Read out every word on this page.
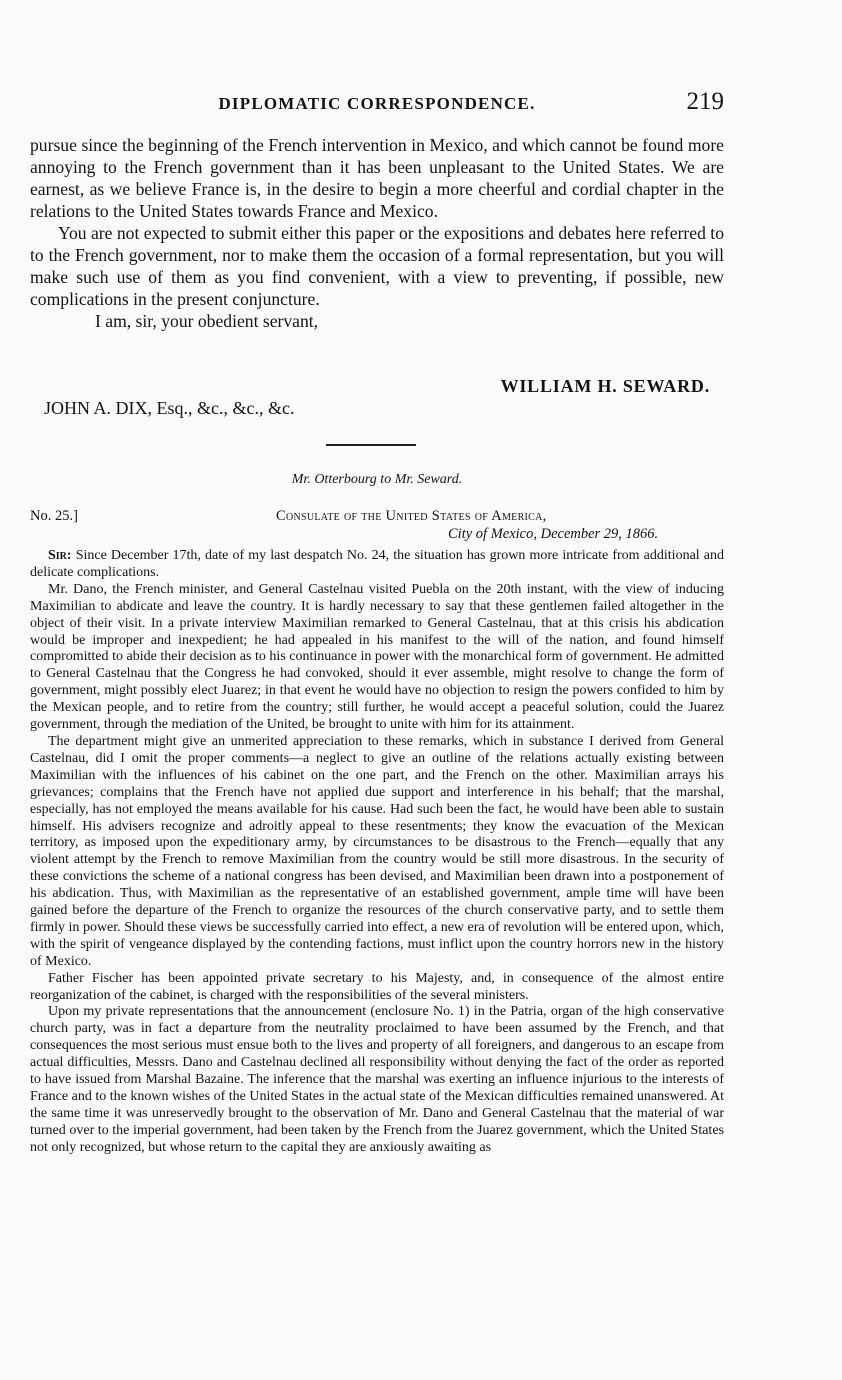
DIPLOMATIC CORRESPONDENCE.	219

pursue since the beginning of the French intervention in Mexico, and which cannot be found more annoying to the French government than it has been unpleasant to the United States. We are earnest, as we believe France is, in the desire to begin a more cheerful and cordial chapter in the relations to the United States towards France and Mexico.

You are not expected to submit either this paper or the expositions and debates here referred to to the French government, nor to make them the occasion of a formal representation, but you will make such use of them as you find convenient, with a view to preventing, if possible, new complications in the present conjuncture.

I am, sir, your obedient servant,

WILLIAM H. SEWARD.
JOHN A. DIX, Esq., &c., &c., &c.
Mr. Otterbourg to Mr. Seward.
No. 25.]	Consulate of the United States of America,
City of Mexico, December 29, 1866.

Sir: Since December 17th, date of my last despatch No. 24, the situation has grown more intricate from additional and delicate complications.

Mr. Dano, the French minister, and General Castelnau visited Puebla on the 20th instant, with the view of inducing Maximilian to abdicate and leave the country. It is hardly necessary to say that these gentlemen failed altogether in the object of their visit. In a private interview Maximilian remarked to General Castelnau, that at this crisis his abdication would be improper and inexpedient; he had appealed in his manifest to the will of the nation, and found himself compromitted to abide their decision as to his continuance in power with the monarchical form of government. He admitted to General Castelnau that the Congress he had convoked, should it ever assemble, might resolve to change the form of government, might possibly elect Juarez; in that event he would have no objection to resign the powers confided to him by the Mexican people, and to retire from the country; still further, he would accept a peaceful solution, could the Juarez government, through the mediation of the United, be brought to unite with him for its attainment.

The department might give an unmerited appreciation to these remarks, which in substance I derived from General Castelnau, did I omit the proper comments—a neglect to give an outline of the relations actually existing between Maximilian with the influences of his cabinet on the one part, and the French on the other. Maximilian arrays his grievances; complains that the French have not applied due support and interference in his behalf; that the marshal, especially, has not employed the means available for his cause. Had such been the fact, he would have been able to sustain himself. His advisers recognize and adroitly appeal to these resentments; they know the evacuation of the Mexican territory, as imposed upon the expeditionary army, by circumstances to be disastrous to the French—equally that any violent attempt by the French to remove Maximilian from the country would be still more disastrous. In the security of these convictions the scheme of a national congress has been devised, and Maximilian been drawn into a postponement of his abdication. Thus, with Maximilian as the representative of an established government, ample time will have been gained before the departure of the French to organize the resources of the church conservative party, and to settle them firmly in power. Should these views be successfully carried into effect, a new era of revolution will be entered upon, which, with the spirit of vengeance displayed by the contending factions, must inflict upon the country horrors new in the history of Mexico.

Father Fischer has been appointed private secretary to his Majesty, and, in consequence of the almost entire reorganization of the cabinet, is charged with the responsibilities of the several ministers.

Upon my private representations that the announcement (enclosure No. 1) in the Patria, organ of the high conservative church party, was in fact a departure from the neutrality proclaimed to have been assumed by the French, and that consequences the most serious must ensue both to the lives and property of all foreigners, and dangerous to an escape from actual difficulties, Messrs. Dano and Castelnau declined all responsibility without denying the fact of the order as reported to have issued from Marshal Bazaine. The inference that the marshal was exerting an influence injurious to the interests of France and to the known wishes of the United States in the actual state of the Mexican difficulties remained unanswered. At the same time it was unreservedly brought to the observation of Mr. Dano and General Castelnau that the material of war turned over to the imperial government, had been taken by the French from the Juarez government, which the United States not only recognized, but whose return to the capital they are anxiously awaiting as
